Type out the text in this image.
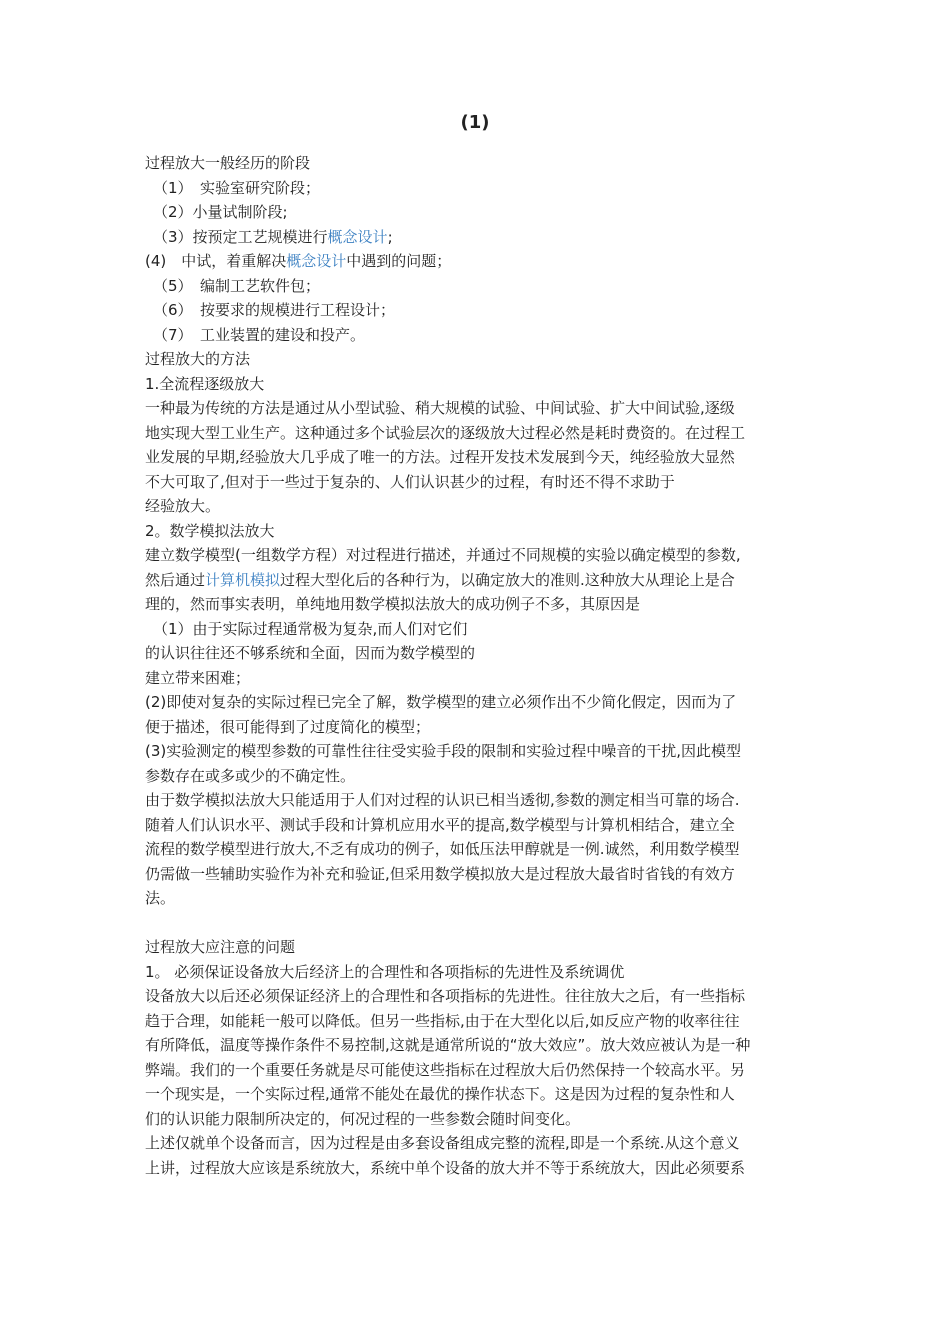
(1)
过程放大一般经历的阶段
（1）　实验室研究阶段；
（2）小量试制阶段;
（3）按预定工艺规模进行概念设计;
(4)　中试，着重解决概念设计中遇到的问题；
（5）　编制工艺软件包；
（6）　按要求的规模进行工程设计；
（7）　工业装置的建设和投产。
过程放大的方法
1.全流程逐级放大
一种最为传统的方法是通过从小型试验、稍大规模的试验、中间试验、扩大中间试验,逐级
地实现大型工业生产。这种通过多个试验层次的逐级放大过程必然是耗时费资的。在过程工
业发展的早期,经验放大几乎成了唯一的方法。过程开发技术发展到今天，纯经验放大显然
不大可取了,但对于一些过于复杂的、人们认识甚少的过程，有时还不得不求助于
经验放大。
2。数学模拟法放大
建立数学模型(一组数学方程）对过程进行描述，并通过不同规模的实验以确定模型的参数,
然后通过计算机模拟过程大型化后的各种行为，以确定放大的准则.这种放大从理论上是合
理的，然而事实表明，单纯地用数学模拟法放大的成功例子不多，其原因是
（1）由于实际过程通常极为复杂,而人们对它们
的认识往往还不够系统和全面，因而为数学模型的
建立带来困难；
(2)即使对复杂的实际过程已完全了解，数学模型的建立必须作出不少简化假定，因而为了
便于描述，很可能得到了过度简化的模型；
(3)实验测定的模型参数的可靠性往往受实验手段的限制和实验过程中噪音的干扰,因此模型
参数存在或多或少的不确定性。
由于数学模拟法放大只能适用于人们对过程的认识已相当透彻,参数的测定相当可靠的场合.
随着人们认识水平、测试手段和计算机应用水平的提高,数学模型与计算机相结合，建立全
流程的数学模型进行放大,不乏有成功的例子，如低压法甲醇就是一例.诚然，利用数学模型
仍需做一些辅助实验作为补充和验证,但采用数学模拟放大是过程放大最省时省钱的有效方
法。
过程放大应注意的问题
1。 必须保证设备放大后经济上的合理性和各项指标的先进性及系统调优
设备放大以后还必须保证经济上的合理性和各项指标的先进性。往往放大之后，有一些指标
趋于合理，如能耗一般可以降低。但另一些指标,由于在大型化以后,如反应产物的收率往往
有所降低，温度等操作条件不易控制,这就是通常所说的“放大效应”。放大效应被认为是一种
弊端。我们的一个重要任务就是尽可能使这些指标在过程放大后仍然保持一个较高水平。另
一个现实是，一个实际过程,通常不能处在最优的操作状态下。这是因为过程的复杂性和人
们的认识能力限制所决定的，何况过程的一些参数会随时间变化。
上述仅就单个设备而言，因为过程是由多套设备组成完整的流程,即是一个系统.从这个意义
上讲，过程放大应该是系统放大，系统中单个设备的放大并不等于系统放大，因此必须要系
